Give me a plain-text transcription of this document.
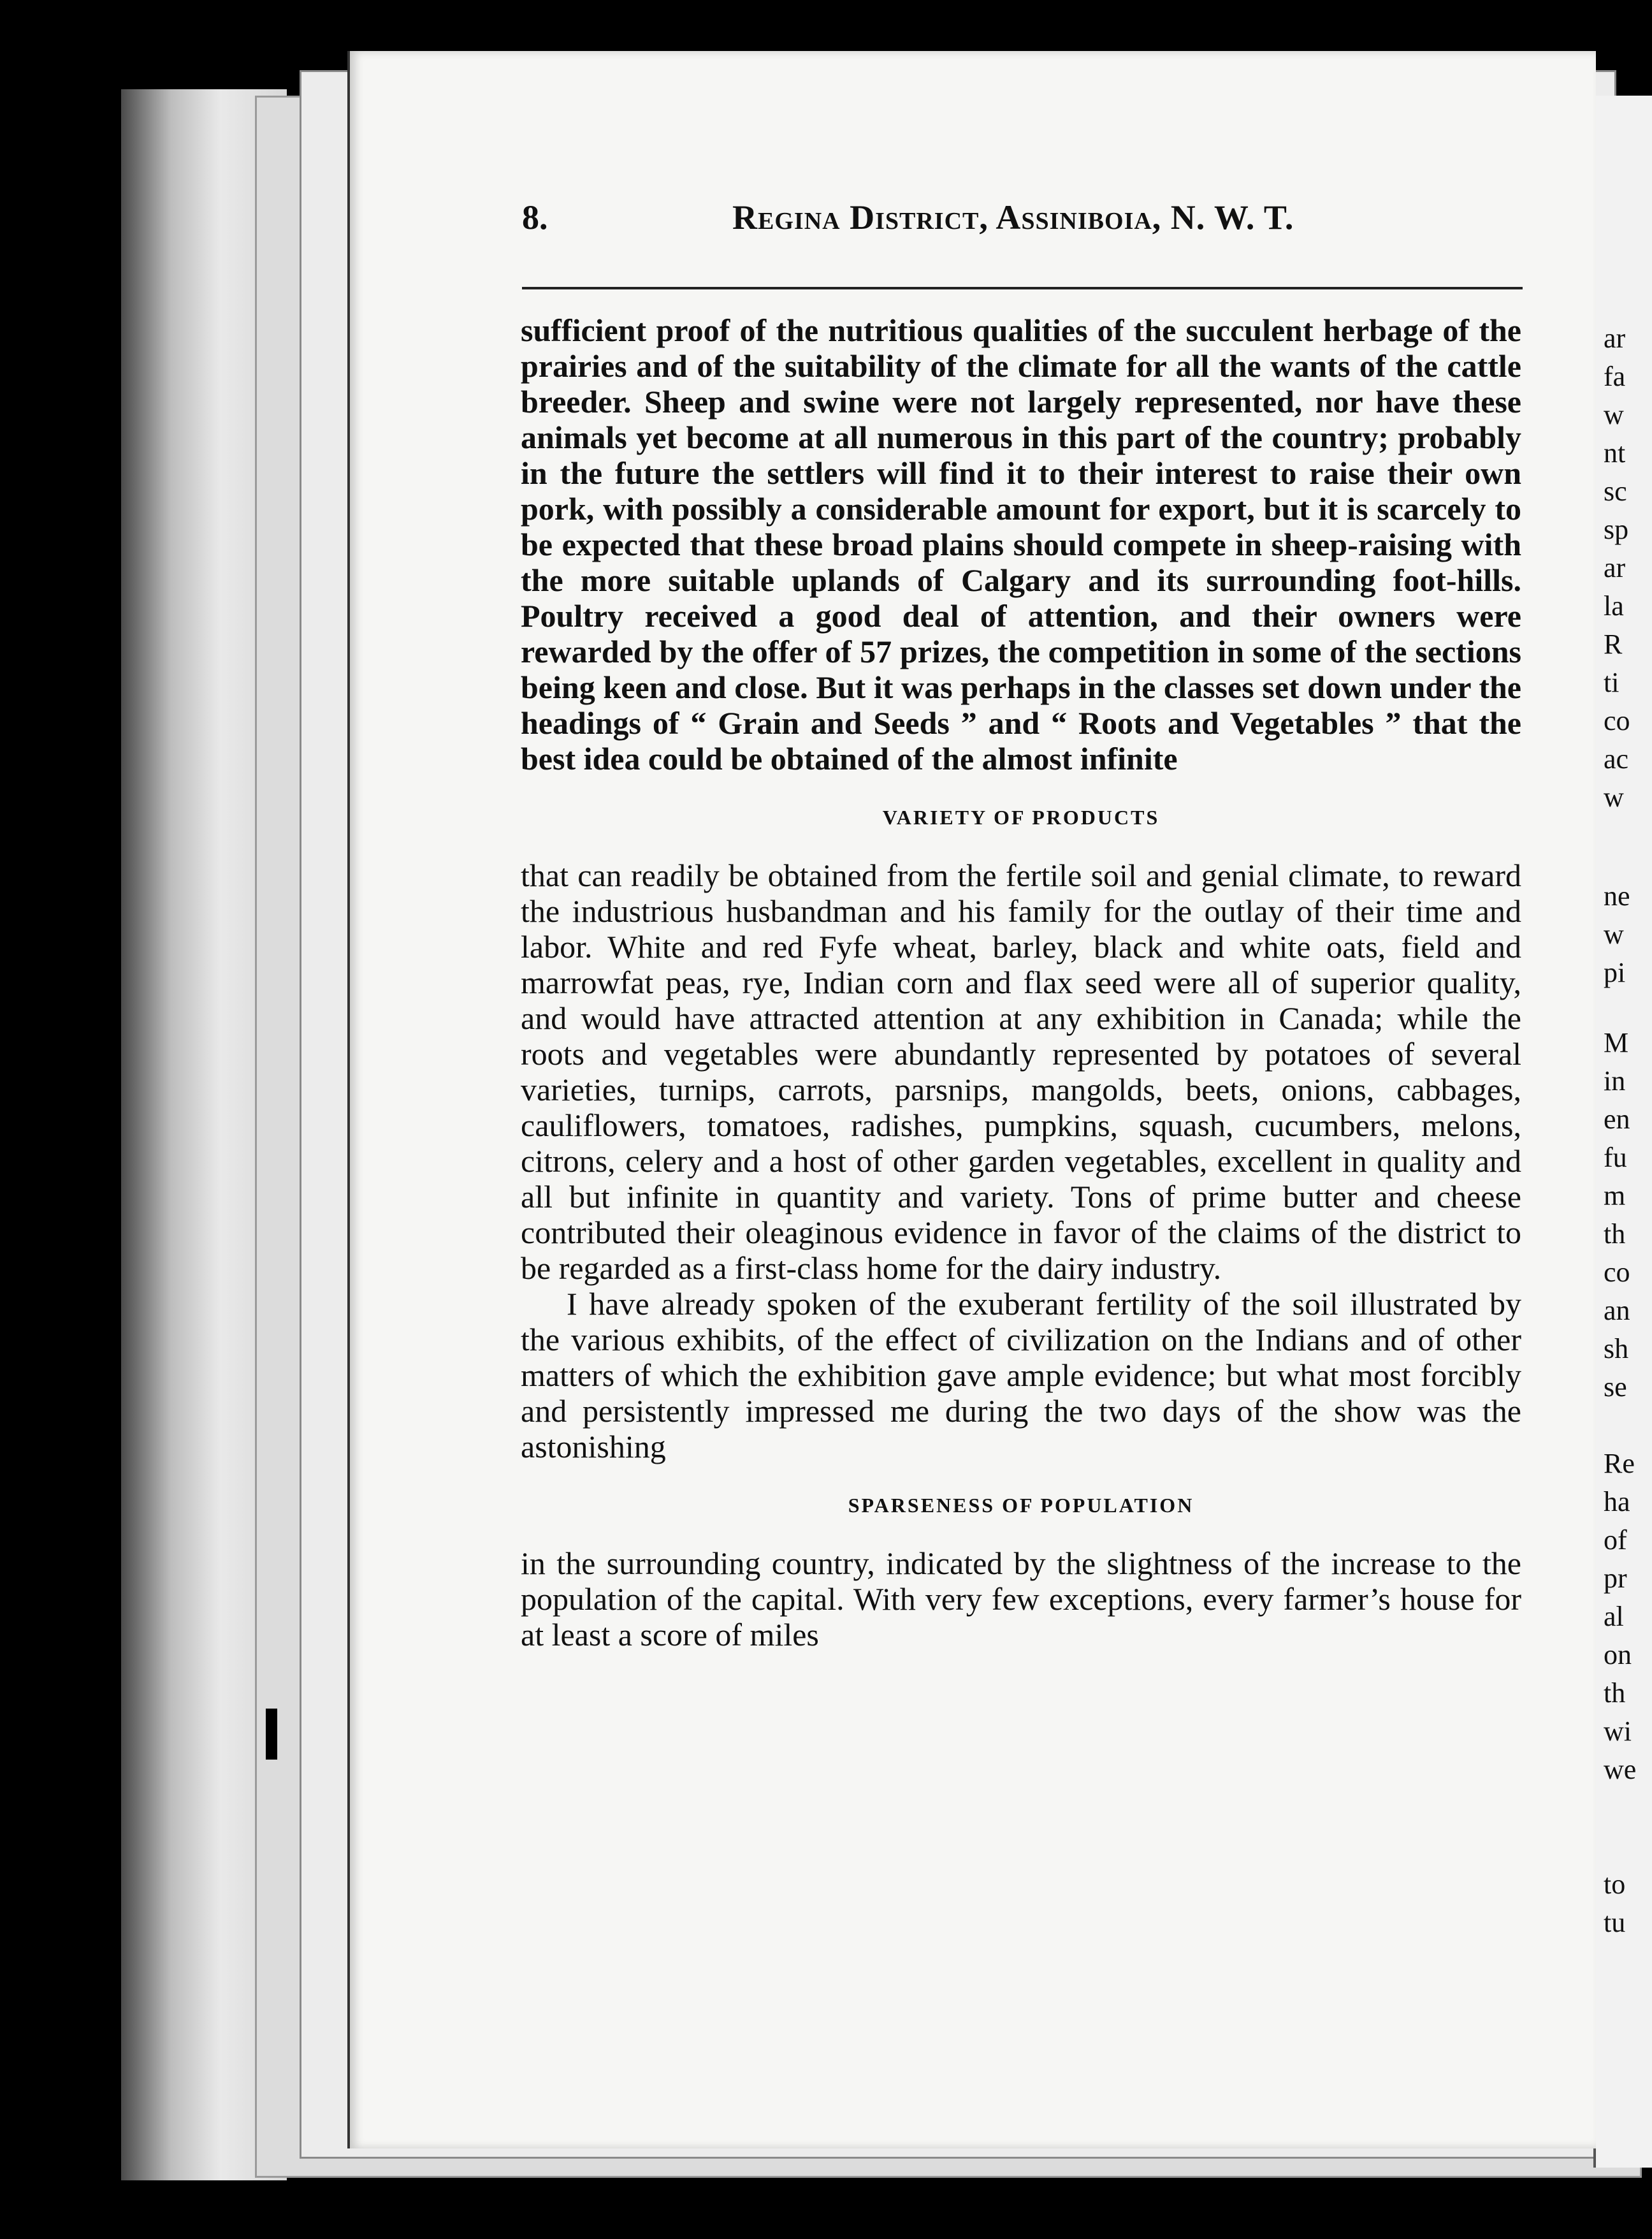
ar
fa
w
nt
sc
sp
ar
la
R
ti
co
ac
w
ne
w
pi
M
in
en
fu
m
th
co
an
sh
se
Re
ha
of
pr
al
on
th
wi
we
to
tu
8.	Regina District, Assiniboia, N. W. T.

sufficient proof of the nutritious qualities of the succulent herbage of the prairies and of the suitability of the climate for all the wants of the cattle breeder. Sheep and swine were not largely represented, nor have these animals yet become at all numerous in this part of the country; probably in the future the settlers will find it to their interest to raise their own pork, with possibly a considerable amount for export, but it is scarcely to be expected that these broad plains should compete in sheep-raising with the more suitable uplands of Calgary and its surrounding foot-hills. Poultry received a good deal of attention, and their owners were rewarded by the offer of 57 prizes, the competition in some of the sections being keen and close. But it was perhaps in the classes set down under the headings of “ Grain and Seeds ” and “ Roots and Vegetables ” that the best idea could be obtained of the almost infinite

VARIETY OF PRODUCTS

that can readily be obtained from the fertile soil and genial climate, to reward the industrious husbandman and his family for the outlay of their time and labor. White and red Fyfe wheat, barley, black and white oats, field and marrowfat peas, rye, Indian corn and flax seed were all of superior quality, and would have attracted attention at any exhibition in Canada; while the roots and vegetables were abundantly represented by potatoes of several varieties, turnips, carrots, parsnips, mangolds, beets, onions, cabbages, cauliflowers, tomatoes, radishes, pumpkins, squash, cucumbers, melons, citrons, celery and a host of other garden vegetables, excellent in quality and all but infinite in quantity and variety. Tons of prime butter and cheese contributed their oleaginous evidence in favor of the claims of the district to be regarded as a first-class home for the dairy industry.

I have already spoken of the exuberant fertility of the soil illustrated by the various exhibits, of the effect of civilization on the Indians and of other matters of which the exhibition gave ample evidence; but what most forcibly and persistently impressed me during the two days of the show was the astonishing

SPARSENESS OF POPULATION

in the surrounding country, indicated by the slightness of the increase to the population of the capital. With very few exceptions, every farmer’s house for at least a score of miles
